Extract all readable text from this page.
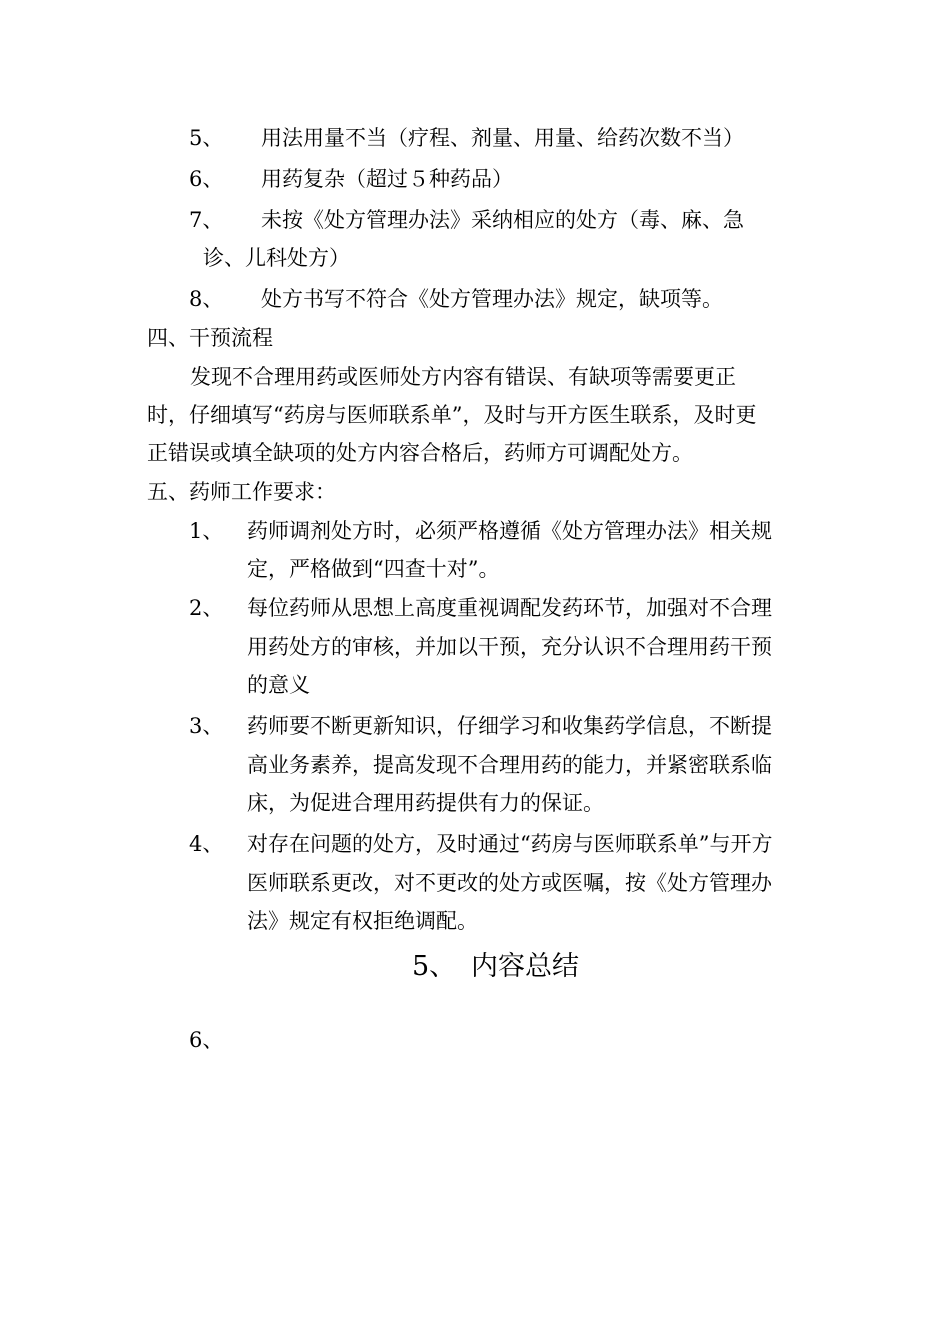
5、 用法用量不当（疗程、剂量、用量、给药次数不当）
6、 用药复杂（超过５种药品）
7、 未按《处方管理办法》采纳相应的处方（毒、麻、急
诊、儿科处方）
8、 处方书写不符合《处方管理办法》规定，缺项等。
四、干预流程
发现不合理用药或医师处方内容有错误、有缺项等需要更正
时，仔细填写“药房与医师联系单”，及时与开方医生联系，及时更
正错误或填全缺项的处方内容合格后，药师方可调配处方。
五、药师工作要求：
1、 药师调剂处方时，必须严格遵循《处方管理办法》相关规
定，严格做到“四查十对”。
2、 每位药师从思想上高度重视调配发药环节，加强对不合理
用药处方的审核，并加以干预，充分认识不合理用药干预
的意义
3、 药师要不断更新知识，仔细学习和收集药学信息，不断提
高业务素养，提高发现不合理用药的能力，并紧密联系临
床，为促进合理用药提供有力的保证。
4、 对存在问题的处方，及时通过“药房与医师联系单”与开方
医师联系更改，对不更改的处方或医嘱，按《处方管理办
法》规定有权拒绝调配。
5、 内容总结
6、
